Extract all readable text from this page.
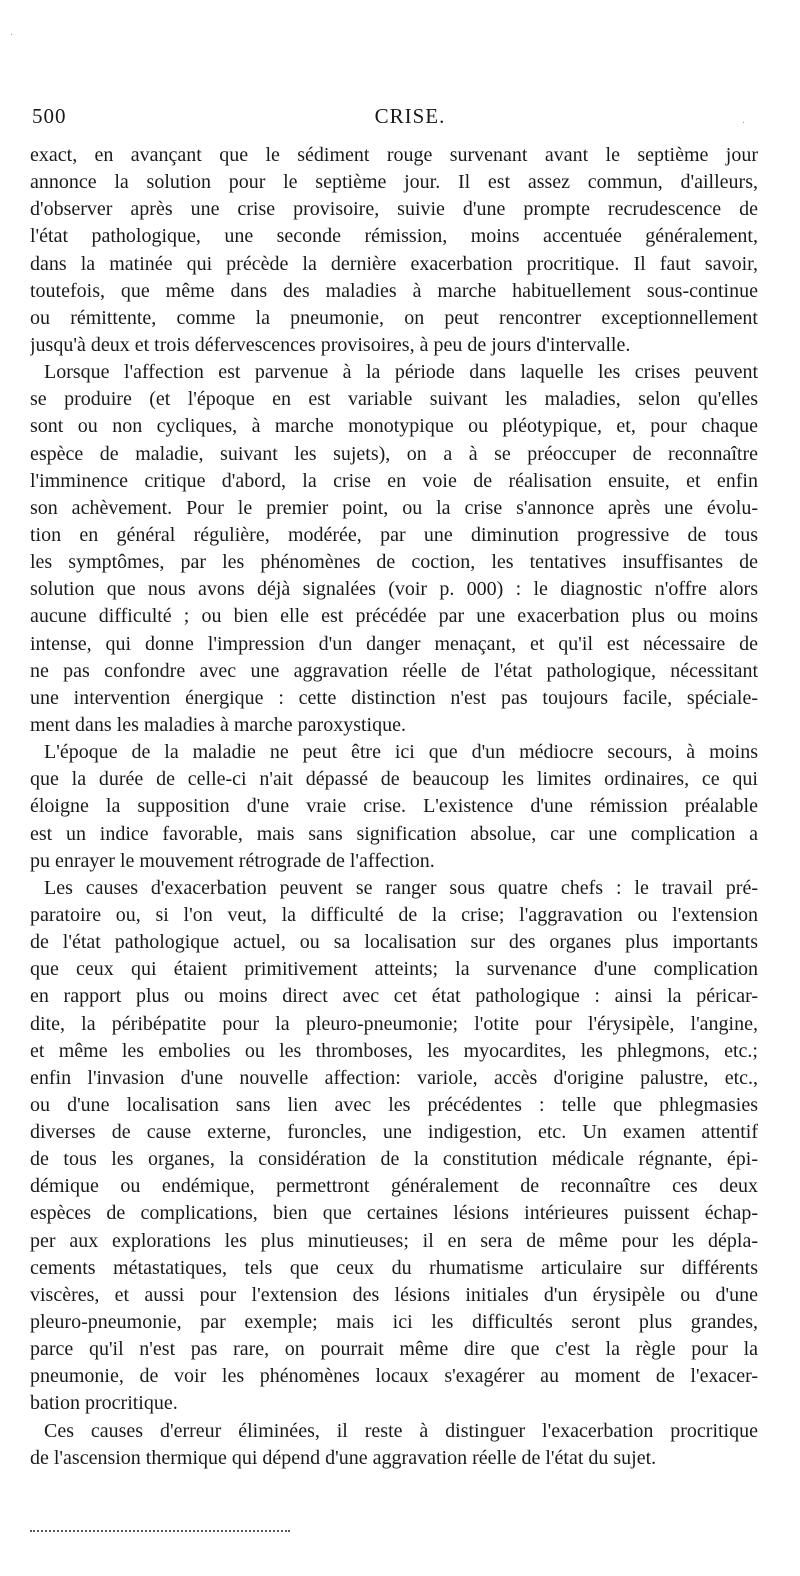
500	CRISE.
exact, en avançant que le sédiment rouge survenant avant le septième jour
annonce la solution pour le septième jour. Il est assez commun, d'ailleurs,
d'observer après une crise provisoire, suivie d'une prompte recrudescence de
l'état pathologique, une seconde rémission, moins accentuée généralement,
dans la matinée qui précède la dernière exacerbation procritique. Il faut savoir,
toutefois, que même dans des maladies à marche habituellement sous-continue
ou rémittente, comme la pneumonie, on peut rencontrer exceptionnellement
jusqu'à deux et trois défervescences provisoires, à peu de jours d'intervalle.
Lorsque l'affection est parvenue à la période dans laquelle les crises peuvent
se produire (et l'époque en est variable suivant les maladies, selon qu'elles
sont ou non cycliques, à marche monotypique ou pléotypique, et, pour chaque
espèce de maladie, suivant les sujets), on a à se préoccuper de reconnaître
l'imminence critique d'abord, la crise en voie de réalisation ensuite, et enfin
son achèvement. Pour le premier point, ou la crise s'annonce après une évolu-
tion en général régulière, modérée, par une diminution progressive de tous
les symptômes, par les phénomènes de coction, les tentatives insuffisantes de
solution que nous avons déjà signalées (voir p. 000) : le diagnostic n'offre alors
aucune difficulté ; ou bien elle est précédée par une exacerbation plus ou moins
intense, qui donne l'impression d'un danger menaçant, et qu'il est nécessaire de
ne pas confondre avec une aggravation réelle de l'état pathologique, nécessitant
une intervention énergique : cette distinction n'est pas toujours facile, spéciale-
ment dans les maladies à marche paroxystique.
L'époque de la maladie ne peut être ici que d'un médiocre secours, à moins
que la durée de celle-ci n'ait dépassé de beaucoup les limites ordinaires, ce qui
éloigne la supposition d'une vraie crise. L'existence d'une rémission préalable
est un indice favorable, mais sans signification absolue, car une complication a
pu enrayer le mouvement rétrograde de l'affection.
Les causes d'exacerbation peuvent se ranger sous quatre chefs : le travail pré-
paratoire ou, si l'on veut, la difficulté de la crise; l'aggravation ou l'extension
de l'état pathologique actuel, ou sa localisation sur des organes plus importants
que ceux qui étaient primitivement atteints; la survenance d'une complication
en rapport plus ou moins direct avec cet état pathologique : ainsi la péricar-
dite, la péribépatite pour la pleuro-pneumonie; l'otite pour l'érysipèle, l'angine,
et même les embolies ou les thromboses, les myocardites, les phlegmons, etc.;
enfin l'invasion d'une nouvelle affection: variole, accès d'origine palustre, etc.,
ou d'une localisation sans lien avec les précédentes : telle que phlegmasies
diverses de cause externe, furoncles, une indigestion, etc. Un examen attentif
de tous les organes, la considération de la constitution médicale régnante, épi-
démique ou endémique, permettront généralement de reconnaître ces deux
espèces de complications, bien que certaines lésions intérieures puissent échap-
per aux explorations les plus minutieuses; il en sera de même pour les dépla-
cements métastatiques, tels que ceux du rhumatisme articulaire sur différents
viscères, et aussi pour l'extension des lésions initiales d'un érysipèle ou d'une
pleuro-pneumonie, par exemple; mais ici les difficultés seront plus grandes,
parce qu'il n'est pas rare, on pourrait même dire que c'est la règle pour la
pneumonie, de voir les phénomènes locaux s'exagérer au moment de l'exacer-
bation procritique.
Ces causes d'erreur éliminées, il reste à distinguer l'exacerbation procritique
de l'ascension thermique qui dépend d'une aggravation réelle de l'état du sujet.
·
·
